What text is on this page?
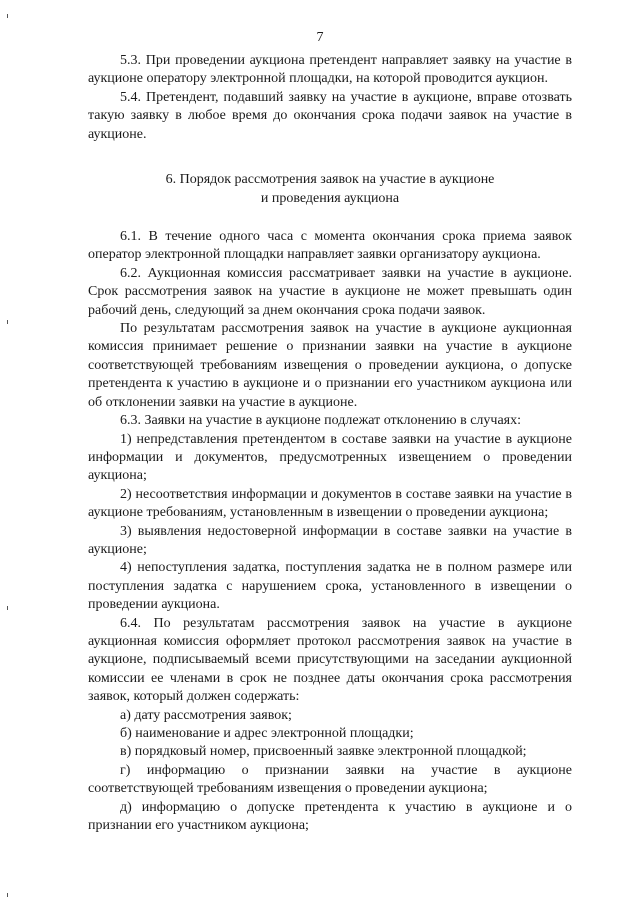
7

5.3. При проведении аукциона претендент направляет заявку на участие в аукционе оператору электронной площадки, на которой проводится аукцион.

5.4. Претендент, подавший заявку на участие в аукционе, вправе отозвать такую заявку в любое время до окончания срока подачи заявок на участие в аукционе.

6. Порядок рассмотрения заявок на участие в аукционе
и проведения аукциона

6.1. В течение одного часа с момента окончания срока приема заявок оператор электронной площадки направляет заявки организатору аукциона.

6.2. Аукционная комиссия рассматривает заявки на участие в аукционе. Срок рассмотрения заявок на участие в аукционе не может превышать один рабочий день, следующий за днем окончания срока подачи заявок.

По результатам рассмотрения заявок на участие в аукционе аукционная комиссия принимает решение о признании заявки на участие в аукционе соответствующей требованиям извещения о проведении аукциона, о допуске претендента к участию в аукционе и о признании его участником аукциона или об отклонении заявки на участие в аукционе.

6.3. Заявки на участие в аукционе подлежат отклонению в случаях:

1) непредставления претендентом в составе заявки на участие в аукционе информации и документов, предусмотренных извещением о проведении аукциона;

2) несоответствия информации и документов в составе заявки на участие в аукционе требованиям, установленным в извещении о проведении аукциона;

3) выявления недостоверной информации в составе заявки на участие в аукционе;

4) непоступления задатка, поступления задатка не в полном размере или поступления задатка с нарушением срока, установленного в извещении о проведении аукциона.

6.4. По результатам рассмотрения заявок на участие в аукционе аукционная комиссия оформляет протокол рассмотрения заявок на участие в аукционе, подписываемый всеми присутствующими на заседании аукционной комиссии ее членами в срок не позднее даты окончания срока рассмотрения заявок, который должен содержать:

а) дату рассмотрения заявок;

б) наименование и адрес электронной площадки;

в) порядковый номер, присвоенный заявке электронной площадкой;

г) информацию о признании заявки на участие в аукционе соответствующей требованиям извещения о проведении аукциона;

д) информацию о допуске претендента к участию в аукционе и о признании его участником аукциона;
